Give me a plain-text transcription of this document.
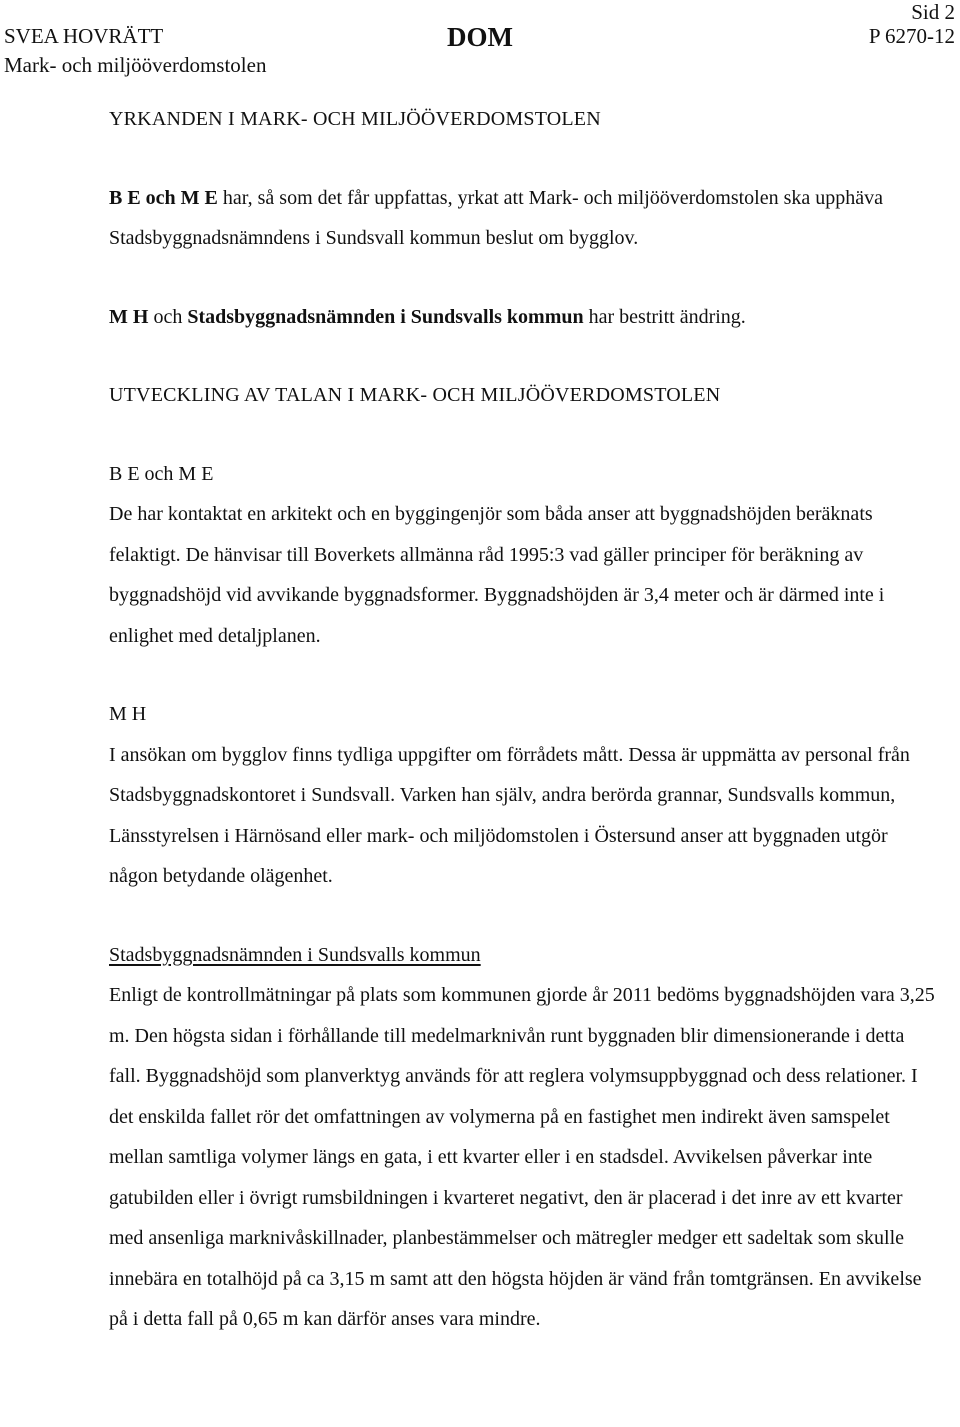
SVEA HOVRÄTT
Mark- och miljööverdomstolen
DOM
Sid 2
P 6270-12

YRKANDEN I MARK- OCH MILJÖÖVERDOMSTOLEN

B E och M E har, så som det får uppfattas, yrkat att Mark- och miljööverdomstolen ska upphäva Stadsbyggnadsnämndens i Sundsvall kommun beslut om bygglov.

M H och Stadsbyggnadsnämnden i Sundsvalls kommun har bestritt ändring.

UTVECKLING AV TALAN I MARK- OCH MILJÖÖVERDOMSTOLEN

B E och M E

De har kontaktat en arkitekt och en byggingenjör som båda anser att byggnadshöjden beräknats felaktigt. De hänvisar till Boverkets allmänna råd 1995:3 vad gäller principer för beräkning av byggnadshöjd vid avvikande byggnadsformer. Byggnadshöjden är 3,4 meter och är därmed inte i enlighet med detaljplanen.

M H

I ansökan om bygglov finns tydliga uppgifter om förrådets mått. Dessa är uppmätta av personal från Stadsbyggnadskontoret i Sundsvall. Varken han själv, andra berörda grannar, Sundsvalls kommun, Länsstyrelsen i Härnösand eller mark- och miljödomstolen i Östersund anser att byggnaden utgör någon betydande olägenhet.

Stadsbyggnadsnämnden i Sundsvalls kommun

Enligt de kontrollmätningar på plats som kommunen gjorde år 2011 bedöms byggnadshöjden vara 3,25 m. Den högsta sidan i förhållande till medelmarknivån runt byggnaden blir dimensionerande i detta fall. Byggnadshöjd som planverktyg används för att reglera volymsuppbyggnad och dess relationer. I det enskilda fallet rör det omfattningen av volymerna på en fastighet men indirekt även samspelet mellan samtliga volymer längs en gata, i ett kvarter eller i en stadsdel. Avvikelsen påverkar inte gatubilden eller i övrigt rumsbildningen i kvarteret negativt, den är placerad i det inre av ett kvarter med ansenliga marknivåskillnader, planbestämmelser och mätregler medger ett sadeltak som skulle innebära en totalhöjd på ca 3,15 m samt att den högsta höjden är vänd från tomtgränsen. En avvikelse på i detta fall på 0,65 m kan därför anses vara mindre.
